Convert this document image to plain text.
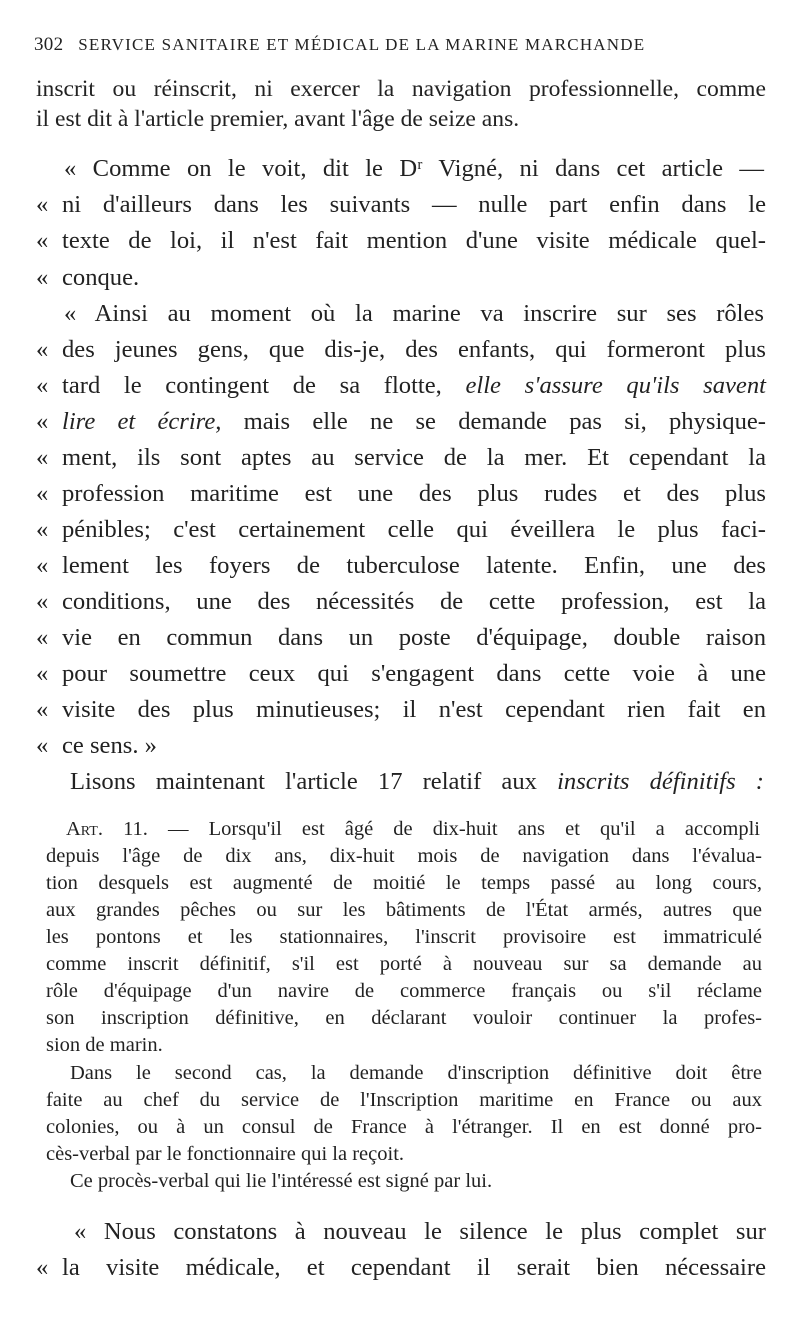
302 SERVICE SANITAIRE ET MÉDICAL DE LA MARINE MARCHANDE
inscrit ou réinscrit, ni exercer la navigation professionnelle, comme
il est dit à l'article premier, avant l'âge de seize ans.
« Comme on le voit, dit le Dʳ Vigné, ni dans cet article —
« ni d'ailleurs dans les suivants — nulle part enfin dans le
« texte de loi, il n'est fait mention d'une visite médicale quel-
« conque.
« Ainsi au moment où la marine va inscrire sur ses rôles
« des jeunes gens, que dis-je, des enfants, qui formeront plus
« tard le contingent de sa flotte, elle s'assure qu'ils savent
« lire et écrire, mais elle ne se demande pas si, physique-
« ment, ils sont aptes au service de la mer. Et cependant la
« profession maritime est une des plus rudes et des plus
« pénibles; c'est certainement celle qui éveillera le plus faci-
« lement les foyers de tuberculose latente. Enfin, une des
« conditions, une des nécessités de cette profession, est la
« vie en commun dans un poste d'équipage, double raison
« pour soumettre ceux qui s'engagent dans cette voie à une
« visite des plus minutieuses; il n'est cependant rien fait en
« ce sens. »
Lisons maintenant l'article 17 relatif aux inscrits définitifs :
Art. 11. — Lorsqu'il est âgé de dix-huit ans et qu'il a accompli
depuis l'âge de dix ans, dix-huit mois de navigation dans l'évalua-
tion desquels est augmenté de moitié le temps passé au long cours,
aux grandes pêches ou sur les bâtiments de l'État armés, autres que
les pontons et les stationnaires, l'inscrit provisoire est immatriculé
comme inscrit définitif, s'il est porté à nouveau sur sa demande au
rôle d'équipage d'un navire de commerce français ou s'il réclame
son inscription définitive, en déclarant vouloir continuer la profes-
sion de marin.
Dans le second cas, la demande d'inscription définitive doit être
faite au chef du service de l'Inscription maritime en France ou aux
colonies, ou à un consul de France à l'étranger. Il en est donné pro-
cès-verbal par le fonctionnaire qui la reçoit.
Ce procès-verbal qui lie l'intéressé est signé par lui.
« Nous constatons à nouveau le silence le plus complet sur
« la visite médicale, et cependant il serait bien nécessaire
